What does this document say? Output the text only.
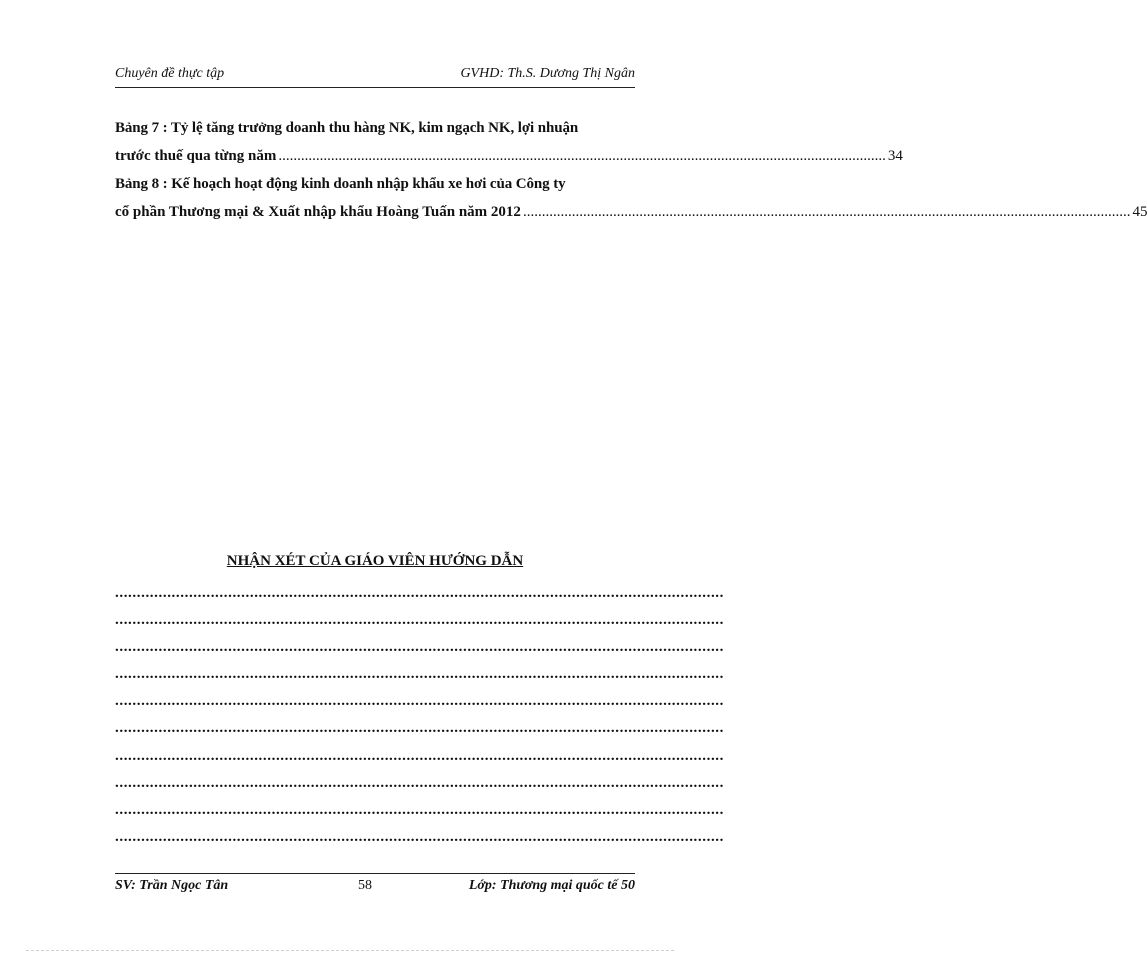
Chuyên đề thực tập	GVHD: Th.S. Dương Thị Ngân
Bảng 7 : Tỷ lệ tăng trưởng doanh thu hàng NK, kim ngạch NK, lợi nhuận
trước thuế qua từng năm .................................................................................................................................................................. 34
Bảng 8 : Kế hoạch hoạt động kinh doanh nhập khẩu xe hơi của Công ty
cổ phần Thương mại & Xuất nhập khẩu Hoàng Tuấn năm 2012 .................................................................................................................................................................. 45
NHẬN XÉT CỦA GIÁO VIÊN HƯỚNG DẪN
............................................................................................................................................
............................................................................................................................................
............................................................................................................................................
............................................................................................................................................
............................................................................................................................................
............................................................................................................................................
............................................................................................................................................
............................................................................................................................................
............................................................................................................................................
............................................................................................................................................
SV: Trần Ngọc Tân	58	Lớp: Thương mại quốc tế 50
